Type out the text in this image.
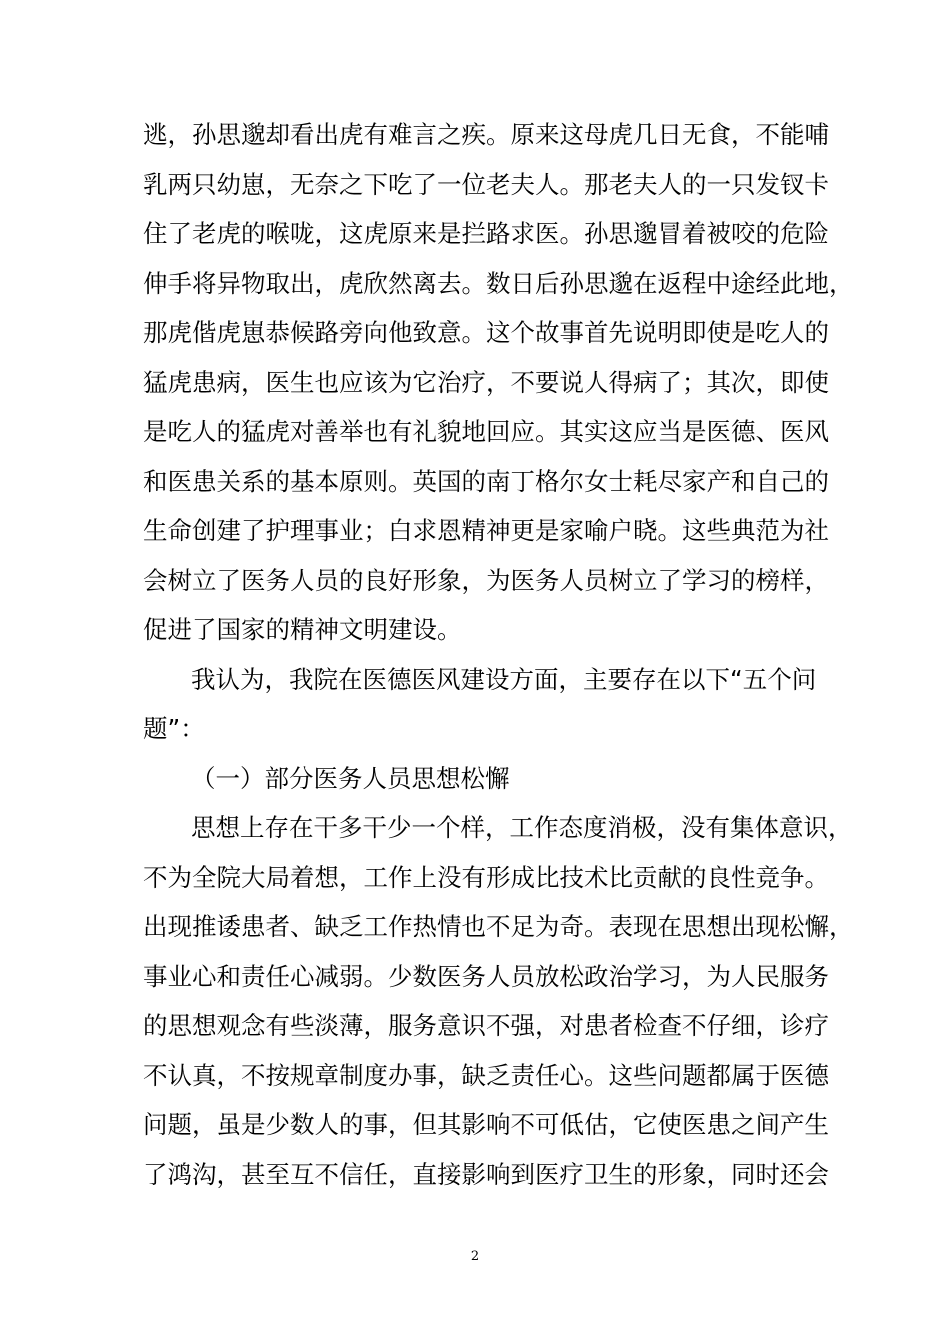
逃，孙思邈却看出虎有难言之疾。原来这母虎几日无食，不能哺
乳两只幼崽，无奈之下吃了一位老夫人。那老夫人的一只发钗卡
住了老虎的喉咙，这虎原来是拦路求医。孙思邈冒着被咬的危险
伸手将异物取出，虎欣然离去。数日后孙思邈在返程中途经此地，
那虎偕虎崽恭候路旁向他致意。这个故事首先说明即使是吃人的
猛虎患病，医生也应该为它治疗，不要说人得病了；其次，即使
是吃人的猛虎对善举也有礼貌地回应。其实这应当是医德、医风
和医患关系的基本原则。英国的南丁格尔女士耗尽家产和自己的
生命创建了护理事业；白求恩精神更是家喻户晓。这些典范为社
会树立了医务人员的良好形象，为医务人员树立了学习的榜样，
促进了国家的精神文明建设。
我认为，我院在医德医风建设方面，主要存在以下“五个问
题”：
（一）部分医务人员思想松懈
思想上存在干多干少一个样，工作态度消极，没有集体意识，
不为全院大局着想，工作上没有形成比技术比贡献的良性竞争。
出现推诿患者、缺乏工作热情也不足为奇。表现在思想出现松懈，
事业心和责任心减弱。少数医务人员放松政治学习，为人民服务
的思想观念有些淡薄，服务意识不强，对患者检查不仔细，诊疗
不认真，不按规章制度办事，缺乏责任心。这些问题都属于医德
问题，虽是少数人的事，但其影响不可低估，它使医患之间产生
了鸿沟，甚至互不信任，直接影响到医疗卫生的形象，同时还会
2
